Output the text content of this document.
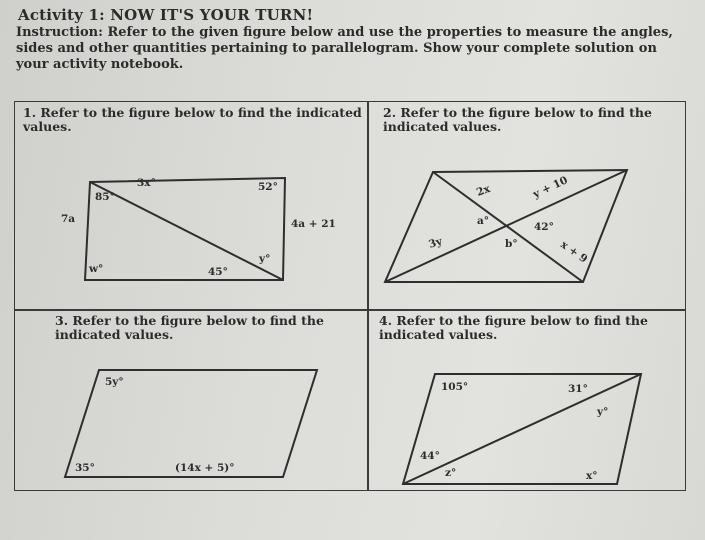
Activity 1: NOW IT'S YOUR TURN!
Instruction: Refer to the given figure below and use the properties to measure the angles, sides and other quantities pertaining to parallelogram. Show your complete solution on your activity notebook.
1. Refer to the figure below to find the indicated values.
3x°
85°
52°
7a	4a + 21
w°	45°
y°
2. Refer to the figure below to find the indicated values.
2x	y + 10
a°	42°
3y	b°	x + 9
3. Refer to the figure below to find the indicated values.
5y°
35°	(14x + 5)°
4. Refer to the figure below to find the indicated values.
105°	31°
y°
44°
z°	x°
